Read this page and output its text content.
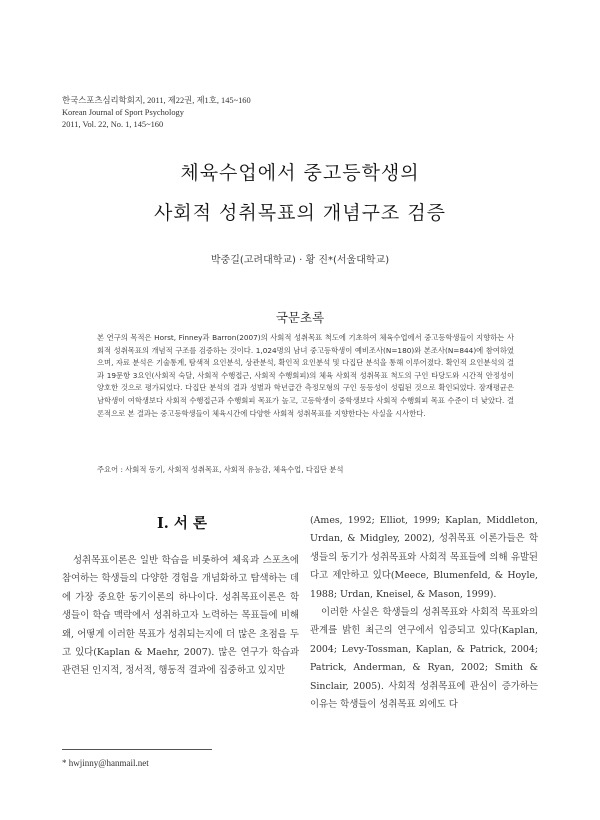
한국스포츠심리학회지, 2011, 제22권, 제1호, 145~160
Korean Journal of Sport Psychology
2011, Vol. 22, No. 1, 145~160
체육수업에서 중고등학생의
사회적 성취목표의 개념구조 검증
박중길(고려대학교) · 황 진*(서울대학교)
국문초록

본 연구의 목적은 Horst, Finney과 Barron(2007)의 사회적 성취목표 척도에 기초하여 체육수업에서 중고등학생들이 지향하는 사회적 성취목표의 개념적 구조를 검증하는 것이다. 1,024명의 남녀 중고등학생이 예비조사(N=180)와 본조사(N=844)에 참여하였으며, 자료 분석은 기술통계, 탐색적 요인분석, 상관분석, 확인적 요인분석 및 다집단 분석을 통해 이루어졌다. 확인적 요인분석의 결과 19문항 3요인(사회적 숙달, 사회적 수행접근, 사회적 수행회피)의 체육 사회적 성취목표 척도의 구인 타당도와 시간적 안정성이 양호한 것으로 평가되었다. 다집단 분석의 결과 성별과 학년급간 측정모형의 구인 동등성이 성립된 것으로 확인되었다. 잠재평균은 남학생이 여학생보다 사회적 수행접근과 수행회피 목표가 높고, 고등학생이 중학생보다 사회적 수행회피 목표 수준이 더 낮았다. 결론적으로 본 결과는 중고등학생들이 체육시간에 다양한 사회적 성취목표를 지향한다는 사실을 시사한다.

주요어 : 사회적 동기, 사회적 성취목표, 사회적 유능감, 체육수업, 다집단 분석
I. 서 론

성취목표이론은 일반 학습을 비롯하여 체육과 스포츠에 참여하는 학생들의 다양한 경험을 개념화하고 탐색하는 데에 가장 중요한 동기이론의 하나이다. 성취목표이론은 학생들이 학습 맥락에서 성취하고자 노력하는 목표들에 비해 왜, 어떻게 이러한 목표가 성취되는지에 더 많은 초점을 두고 있다(Kaplan & Maehr, 2007). 많은 연구가 학습과 관련된 인지적, 정서적, 행동적 결과에 집중하고 있지만

(Ames, 1992; Elliot, 1999; Kaplan, Middleton, Urdan, & Midgley, 2002), 성취목표 이론가들은 학생들의 동기가 성취목표와 사회적 목표들에 의해 유발된다고 제안하고 있다(Meece, Blumenfeld, & Hoyle, 1988; Urdan, Kneisel, & Mason, 1999).

이러한 사실은 학생들의 성취목표와 사회적 목표와의 관계를 밝힌 최근의 연구에서 입증되고 있다(Kaplan, 2004; Levy-Tossman, Kaplan, & Patrick, 2004; Patrick, Anderman, & Ryan, 2002; Smith & Sinclair, 2005). 사회적 성취목표에 관심이 증가하는 이유는 학생들이 성취목표 외에도 다

* hwjinny@hanmail.net
